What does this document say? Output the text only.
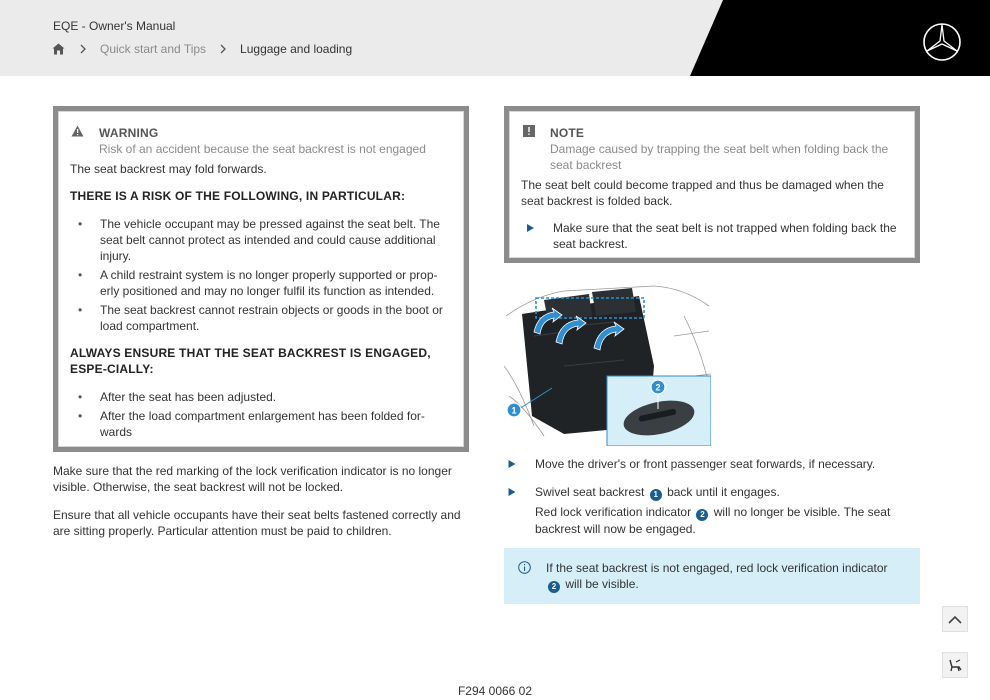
EQE - Owner's Manual
Quick start and Tips	Luggage and loading
WARNING
Risk of an accident because the seat backrest is not engaged
The seat backrest may fold forwards.
THERE IS A RISK OF THE FOLLOWING, IN PARTICULAR:
• The vehicle occupant may be pressed against the seat belt. The seat belt cannot protect as intended and could cause additional injury.
• A child restraint system is no longer properly supported or prop-erly positioned and may no longer fulfil its function as intended.
• The seat backrest cannot restrain objects or goods in the boot or load compartment.
ALWAYS ENSURE THAT THE SEAT BACKREST IS ENGAGED, ESPE-CIALLY:
• After the seat has been adjusted.
• After the load compartment enlargement has been folded for-wards
Make sure that the red marking of the lock verification indicator is no longer visible. Otherwise, the seat backrest will not be locked.
Ensure that all vehicle occupants have their seat belts fastened correctly and are sitting properly. Particular attention must be paid to children.
NOTE
Damage caused by trapping the seat belt when folding back the seat backrest
The seat belt could become trapped and thus be damaged when the seat backrest is folded back.
Make sure that the seat belt is not trapped when folding back the seat backrest.
1
2
Move the driver's or front passenger seat forwards, if necessary.
Swivel seat backrest 1 back until it engages.
Red lock verification indicator 2 will no longer be visible. The seat backrest will now be engaged.
If the seat backrest is not engaged, red lock verification indicator 2 will be visible.
F294 0066 02
